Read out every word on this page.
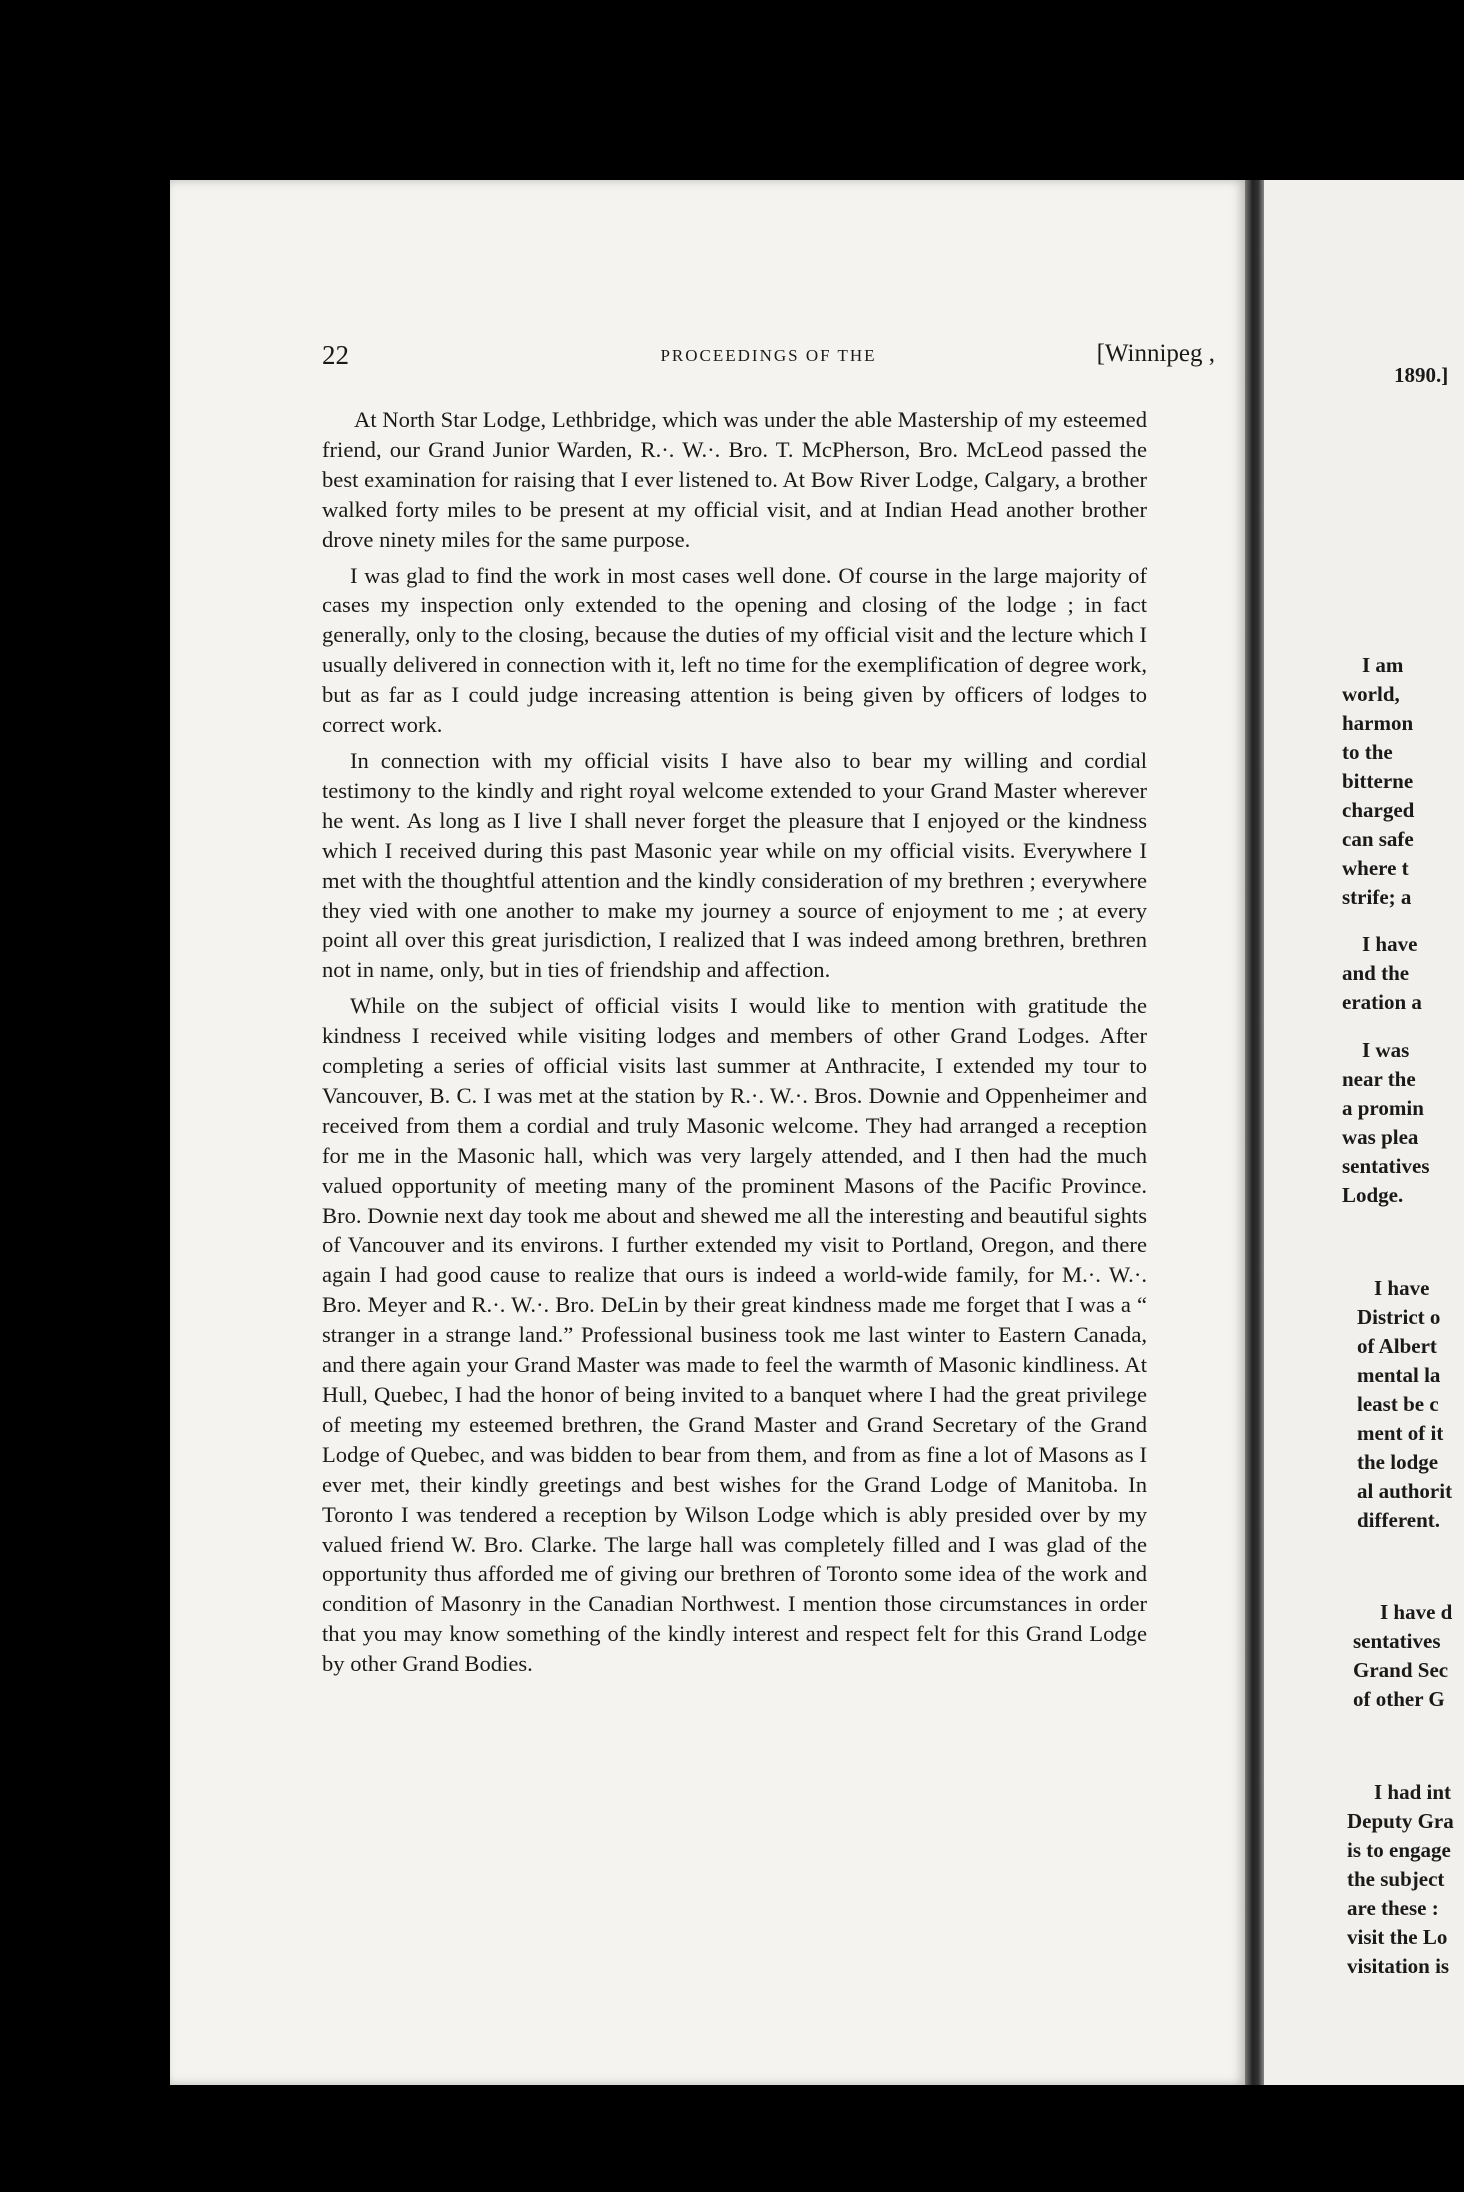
1890.]
I am
world,
harmon
to the
bitterne
charged
can safe
where t
strife; a
I have
and the
eration a
I was
near the
a promin
was plea
sentatives
Lodge.
I have
District o
of Albert
mental la
least be c
ment of it
the lodge
al authorit
different.
I have d
sentatives
Grand Sec
of other G
I had int
Deputy Gra
is to engage
the subject
are these :
visit the Lo
visitation is
22	PROCEEDINGS OF THE	[Winnipeg ,

At North Star Lodge, Lethbridge, which was under the able Mastership of my esteemed friend, our Grand Junior Warden, R.·. W.·. Bro. T. McPherson, Bro. McLeod passed the best examination for raising that I ever listened to. At Bow River Lodge, Calgary, a brother walked forty miles to be present at my official visit, and at Indian Head another brother drove ninety miles for the same purpose.

I was glad to find the work in most cases well done. Of course in the large majority of cases my inspection only extended to the opening and closing of the lodge ; in fact generally, only to the closing, because the duties of my official visit and the lecture which I usually delivered in connection with it, left no time for the exemplification of degree work, but as far as I could judge increasing attention is being given by officers of lodges to correct work.

In connection with my official visits I have also to bear my willing and cordial testimony to the kindly and right royal welcome extended to your Grand Master wherever he went. As long as I live I shall never forget the pleasure that I enjoyed or the kindness which I received during this past Masonic year while on my official visits. Everywhere I met with the thoughtful attention and the kindly consideration of my brethren ; everywhere they vied with one another to make my journey a source of enjoyment to me ; at every point all over this great jurisdiction, I realized that I was indeed among brethren, brethren not in name, only, but in ties of friendship and affection.

While on the subject of official visits I would like to mention with gratitude the kindness I received while visiting lodges and members of other Grand Lodges. After completing a series of official visits last summer at Anthracite, I extended my tour to Vancouver, B. C. I was met at the station by R.·. W.·. Bros. Downie and Oppenheimer and received from them a cordial and truly Masonic welcome. They had arranged a reception for me in the Masonic hall, which was very largely attended, and I then had the much valued opportunity of meeting many of the prominent Masons of the Pacific Province. Bro. Downie next day took me about and shewed me all the interesting and beautiful sights of Vancouver and its environs. I further extended my visit to Portland, Oregon, and there again I had good cause to realize that ours is indeed a world-wide family, for M.·. W.·. Bro. Meyer and R.·. W.·. Bro. DeLin by their great kindness made me forget that I was a “ stranger in a strange land.” Professional business took me last winter to Eastern Canada, and there again your Grand Master was made to feel the warmth of Masonic kindliness. At Hull, Quebec, I had the honor of being invited to a banquet where I had the great privilege of meeting my esteemed brethren, the Grand Master and Grand Secretary of the Grand Lodge of Quebec, and was bidden to bear from them, and from as fine a lot of Masons as I ever met, their kindly greetings and best wishes for the Grand Lodge of Manitoba. In Toronto I was tendered a reception by Wilson Lodge which is ably presided over by my valued friend W. Bro. Clarke. The large hall was completely filled and I was glad of the opportunity thus afforded me of giving our brethren of Toronto some idea of the work and condition of Masonry in the Canadian Northwest. I mention those circumstances in order that you may know something of the kindly interest and respect felt for this Grand Lodge by other Grand Bodies.
